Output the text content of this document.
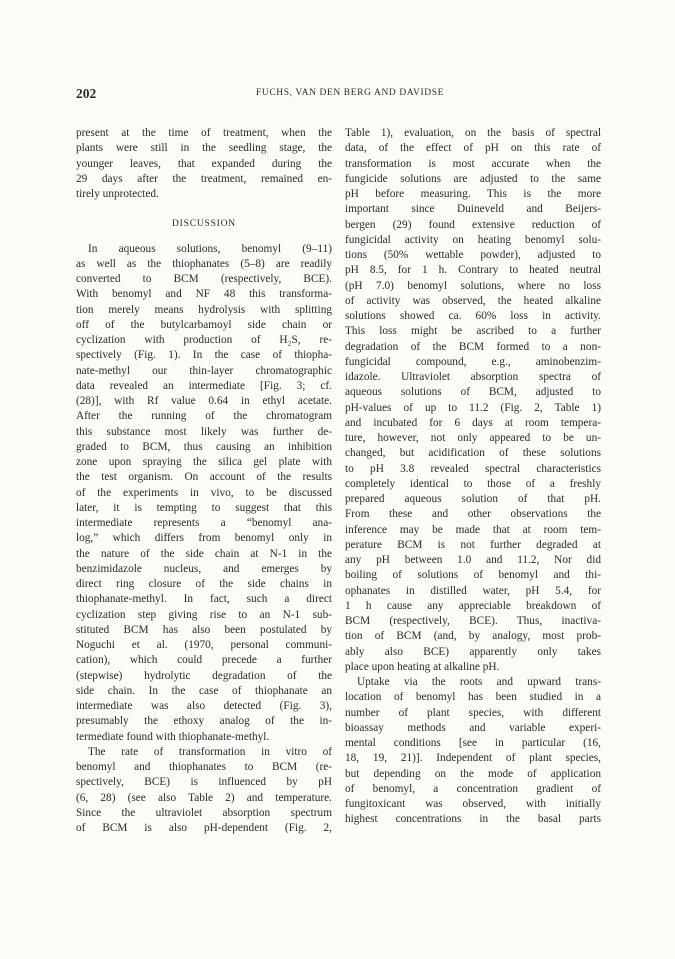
202	FUCHS, VAN DEN BERG AND DAVIDSE
present at the time of treatment, when the
plants were still in the seedling stage, the
younger leaves, that expanded during the
29 days after the treatment, remained en-
tirely unprotected.
DISCUSSION
In aqueous solutions, benomyl (9–11)
as well as the thiophanates (5–8) are readily
converted to BCM (respectively, BCE).
With benomyl and NF 48 this transforma-
tion merely means hydrolysis with splitting
off of the butylcarbamoyl side chain or
cyclization with production of H₂S, re-
spectively (Fig. 1). In the case of thiopha-
nate-methyl our thin-layer chromatographic
data revealed an intermediate [Fig. 3; cf.
(28)], with Rf value 0.64 in ethyl acetate.
After the running of the chromatogram
this substance most likely was further de-
graded to BCM, thus causing an inhibition
zone upon spraying the silica gel plate with
the test organism. On account of the results
of the experiments in vivo, to be discussed
later, it is tempting to suggest that this
intermediate represents a “benomyl ana-
log,” which differs from benomyl only in
the nature of the side chain at N-1 in the
benzimidazole nucleus, and emerges by
direct ring closure of the side chains in
thiophanate-methyl. In fact, such a direct
cyclization step giving rise to an N-1 sub-
stituted BCM has also been postulated by
Noguchi et al. (1970, personal communi-
cation), which could precede a further
(stepwise) hydrolytic degradation of the
side chain. In the case of thiophanate an
intermediate was also detected (Fig. 3),
presumably the ethoxy analog of the in-
termediate found with thiophanate-methyl.
The rate of transformation in vitro of
benomyl and thiophanates to BCM (re-
spectively, BCE) is influenced by pH
(6, 28) (see also Table 2) and temperature.
Since the ultraviolet absorption spectrum
of BCM is also pH-dependent (Fig. 2,
Table 1), evaluation, on the basis of spectral
data, of the effect of pH on this rate of
transformation is most accurate when the
fungicide solutions are adjusted to the same
pH before measuring. This is the more
important since Duineveld and Beijers-
bergen (29) found extensive reduction of
fungicidal activity on heating benomyl solu-
tions (50% wettable powder), adjusted to
pH 8.5, for 1 h. Contrary to heated neutral
(pH 7.0) benomyl solutions, where no loss
of activity was observed, the heated alkaline
solutions showed ca. 60% loss in activity.
This loss might be ascribed to a further
degradation of the BCM formed to a non-
fungicidal compound, e.g., aminobenzim-
idazole. Ultraviolet absorption spectra of
aqueous solutions of BCM, adjusted to
pH-values of up to 11.2 (Fig. 2, Table 1)
and incubated for 6 days at room tempera-
ture, however, not only appeared to be un-
changed, but acidification of these solutions
to pH 3.8 revealed spectral characteristics
completely identical to those of a freshly
prepared aqueous solution of that pH.
From these and other observations the
inference may be made that at room tem-
perature BCM is not further degraded at
any pH between 1.0 and 11.2, Nor did
boiling of solutions of benomyl and thi-
ophanates in distilled water, pH 5.4, for
1 h cause any appreciable breakdown of
BCM (respectively, BCE). Thus, inactiva-
tion of BCM (and, by analogy, most prob-
ably also BCE) apparently only takes
place upon heating at alkaline pH.
Uptake via the roots and upward trans-
location of benomyl has been studied in a
number of plant species, with different
bioassay methods and variable experi-
mental conditions [see in particular (16,
18, 19, 21)]. Independent of plant species,
but depending on the mode of application
of benomyl, a concentration gradient of
fungitoxicant was observed, with initially
highest concentrations in the basal parts
